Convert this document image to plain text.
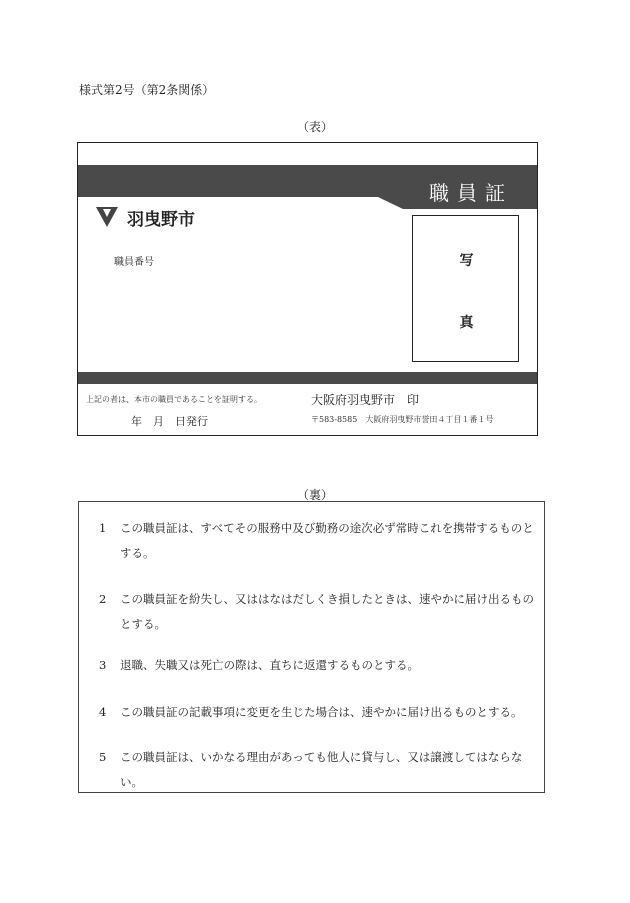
様式第2号（第2条関係）
（表）
職員証
羽曳野市
職員番号	写
真
上記の者は、本市の職員であることを証明する。	大阪府羽曳野市　印
年　月　日発行	〒583-8585　大阪府羽曳野市誉田４丁目１番１号
（裏）
1 この職員証は、すべてその服務中及び勤務の途次必ず常時これを携帯するものとする。
2 この職員証を紛失し、又ははなはだしくき損したときは、速やかに届け出るものとする。
3 退職、失職又は死亡の際は、直ちに返還するものとする。
4 この職員証の記載事項に変更を生じた場合は、速やかに届け出るものとする。
5 この職員証は、いかなる理由があっても他人に貸与し、又は譲渡してはならない。
